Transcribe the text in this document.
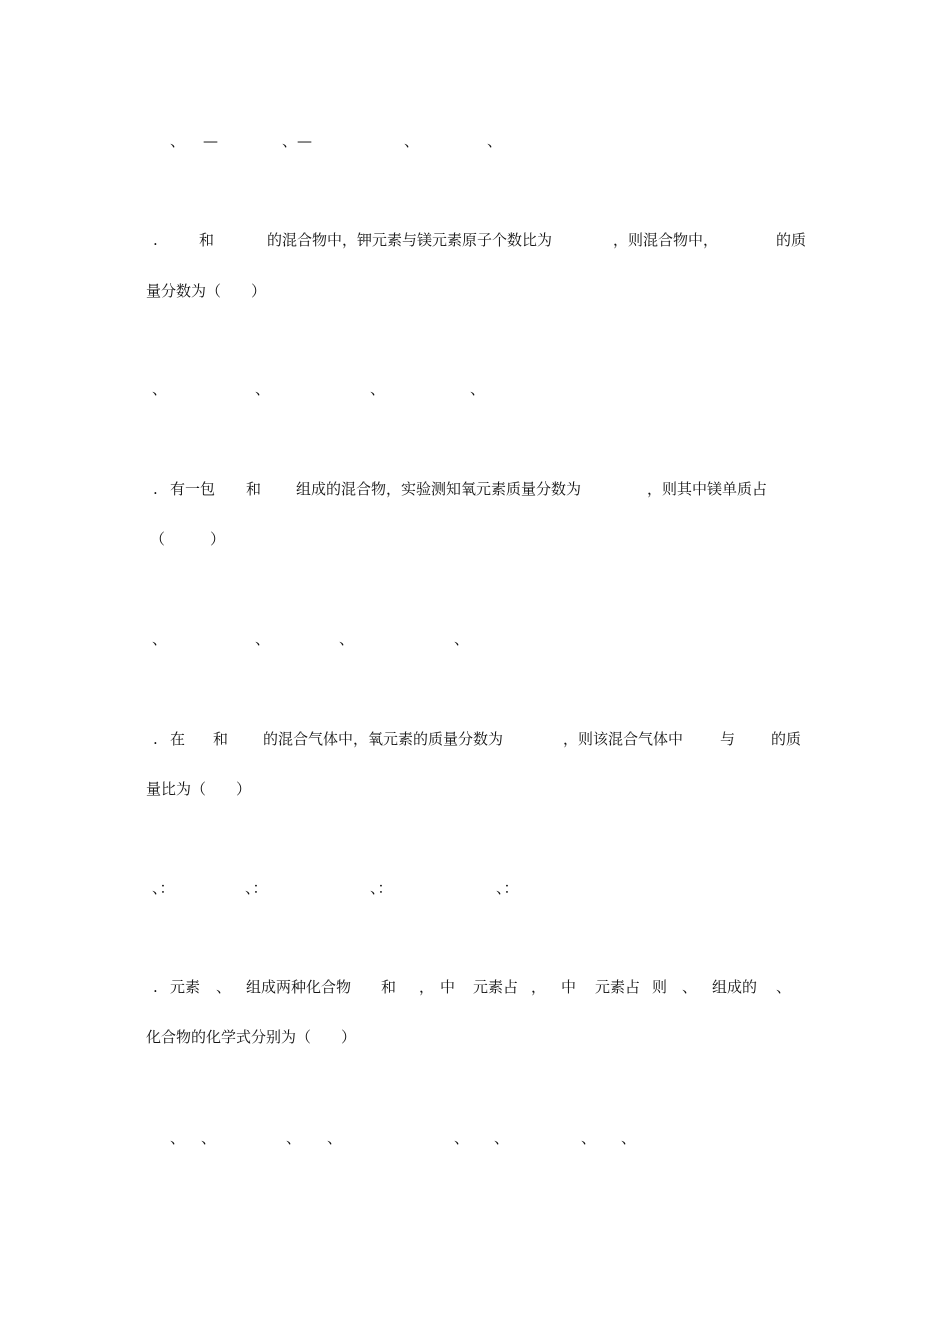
、 —	、—	、	、
.	和	的混合物中，钾元素与镁元素原子个数比为	，则混合物中，	的质
量分数为（　　）
、	、	、	、
. 有一包 和 组成的混合物，实验测知氧元素质量分数为	，则其中镁单质占
（　　　）
、	、	、	、
. 在 和 的混合气体中，氧元素的质量分数为	，则该混合气体中 与 的质
量比为（　　）
、：	、：	、：	、：
. 元素 、 组成两种化合物 和 ， 中 元素占 ， 中 元素占 则 、 组成的 、
化合物的化学式分别为（　　）
、 、	、 、	、 、	、 、
